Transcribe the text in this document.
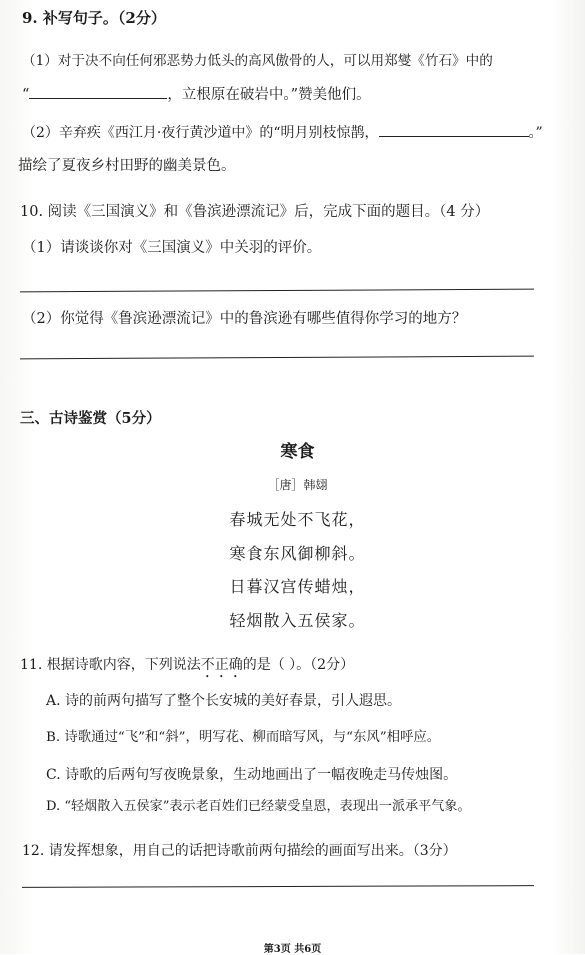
9. 补写句子。（2分）
（1）对于决不向任何邪恶势力低头的高风傲骨的人，可以用郑燮《竹石》中的
“	，立根原在破岩中。”赞美他们。
（2）辛弃疾《西江月·夜行黄沙道中》的“明月别枝惊鹊，	。”
描绘了夏夜乡村田野的幽美景色。
10. 阅读《三国演义》和《鲁滨逊漂流记》后，完成下面的题目。（4 分）
（1）请谈谈你对《三国演义》中关羽的评价。
（2）你觉得《鲁滨逊漂流记》中的鲁滨逊有哪些值得你学习的地方？
三、古诗鉴赏（5分）
寒食
［唐］韩翃
春城无处不飞花，
寒食东风御柳斜。
日暮汉宫传蜡烛，
轻烟散入五侯家。
11. 根据诗歌内容，下列说法不正确的是（ ）。（2分）
A. 诗的前两句描写了整个长安城的美好春景，引人遐思。
B. 诗歌通过“飞”和“斜”，明写花、柳而暗写风，与“东风”相呼应。
C. 诗歌的后两句写夜晚景象，生动地画出了一幅夜晚走马传烛图。
D. “轻烟散入五侯家”表示老百姓们已经蒙受皇恩，表现出一派承平气象。
12. 请发挥想象，用自己的话把诗歌前两句描绘的画面写出来。（3分）
第3页 共6页
